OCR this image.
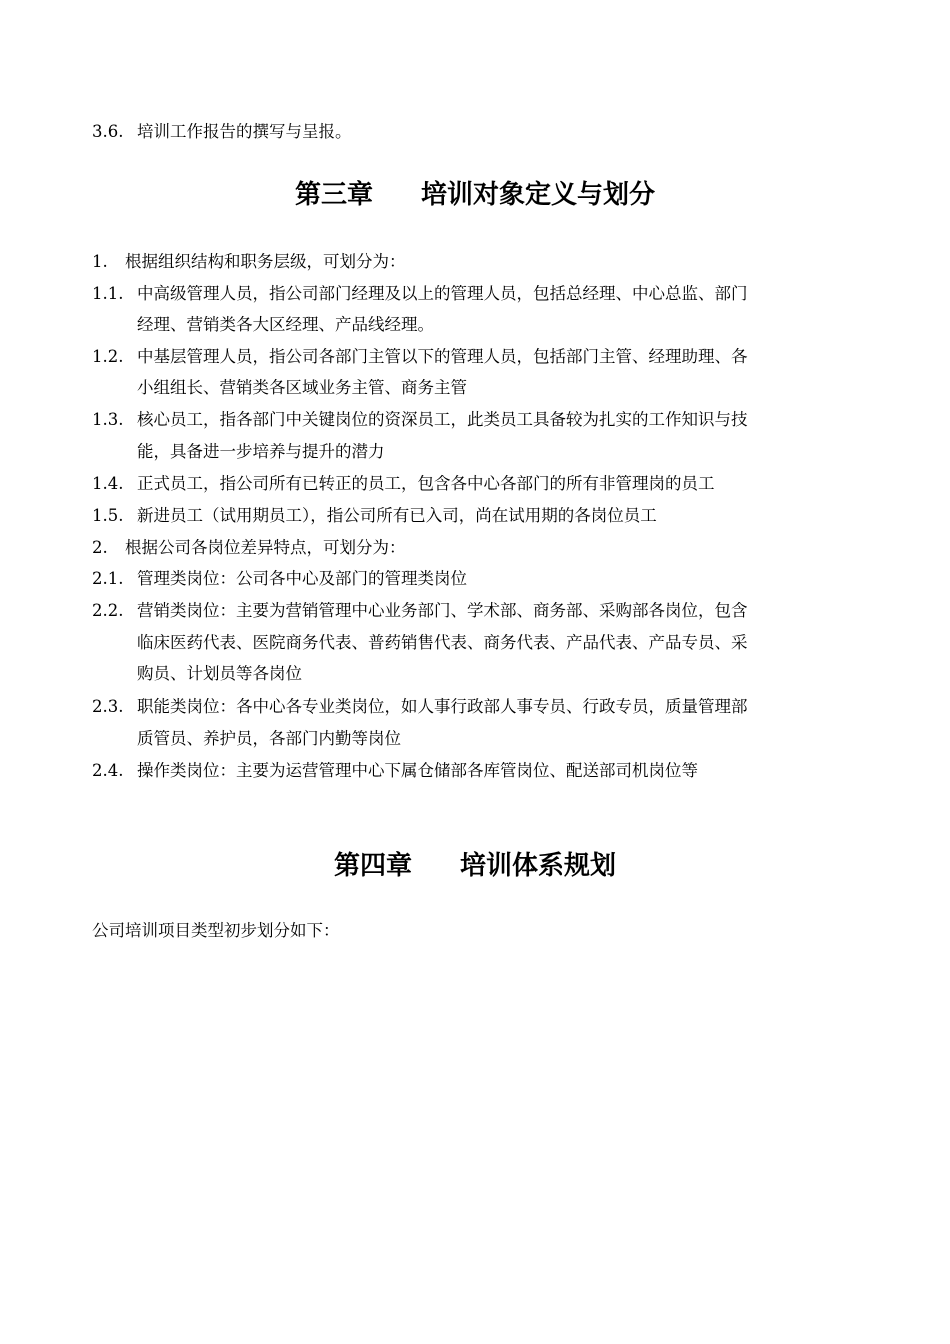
3.6. 培训工作报告的撰写与呈报。
第三章 培训对象定义与划分
1. 根据组织结构和职务层级，可划分为：
1.1. 中高级管理人员，指公司部门经理及以上的管理人员，包括总经理、中心总监、部门
经理、营销类各大区经理、产品线经理。
1.2. 中基层管理人员，指公司各部门主管以下的管理人员，包括部门主管、经理助理、各
小组组长、营销类各区域业务主管、商务主管
1.3. 核心员工，指各部门中关键岗位的资深员工，此类员工具备较为扎实的工作知识与技
能，具备进一步培养与提升的潜力
1.4. 正式员工，指公司所有已转正的员工，包含各中心各部门的所有非管理岗的员工
1.5. 新进员工（试用期员工），指公司所有已入司，尚在试用期的各岗位员工
2. 根据公司各岗位差异特点，可划分为：
2.1. 管理类岗位：公司各中心及部门的管理类岗位
2.2. 营销类岗位：主要为营销管理中心业务部门、学术部、商务部、采购部各岗位，包含
临床医药代表、医院商务代表、普药销售代表、商务代表、产品代表、产品专员、采
购员、计划员等各岗位
2.3. 职能类岗位：各中心各专业类岗位，如人事行政部人事专员、行政专员，质量管理部
质管员、养护员，各部门内勤等岗位
2.4. 操作类岗位：主要为运营管理中心下属仓储部各库管岗位、配送部司机岗位等
第四章 培训体系规划
公司培训项目类型初步划分如下：
